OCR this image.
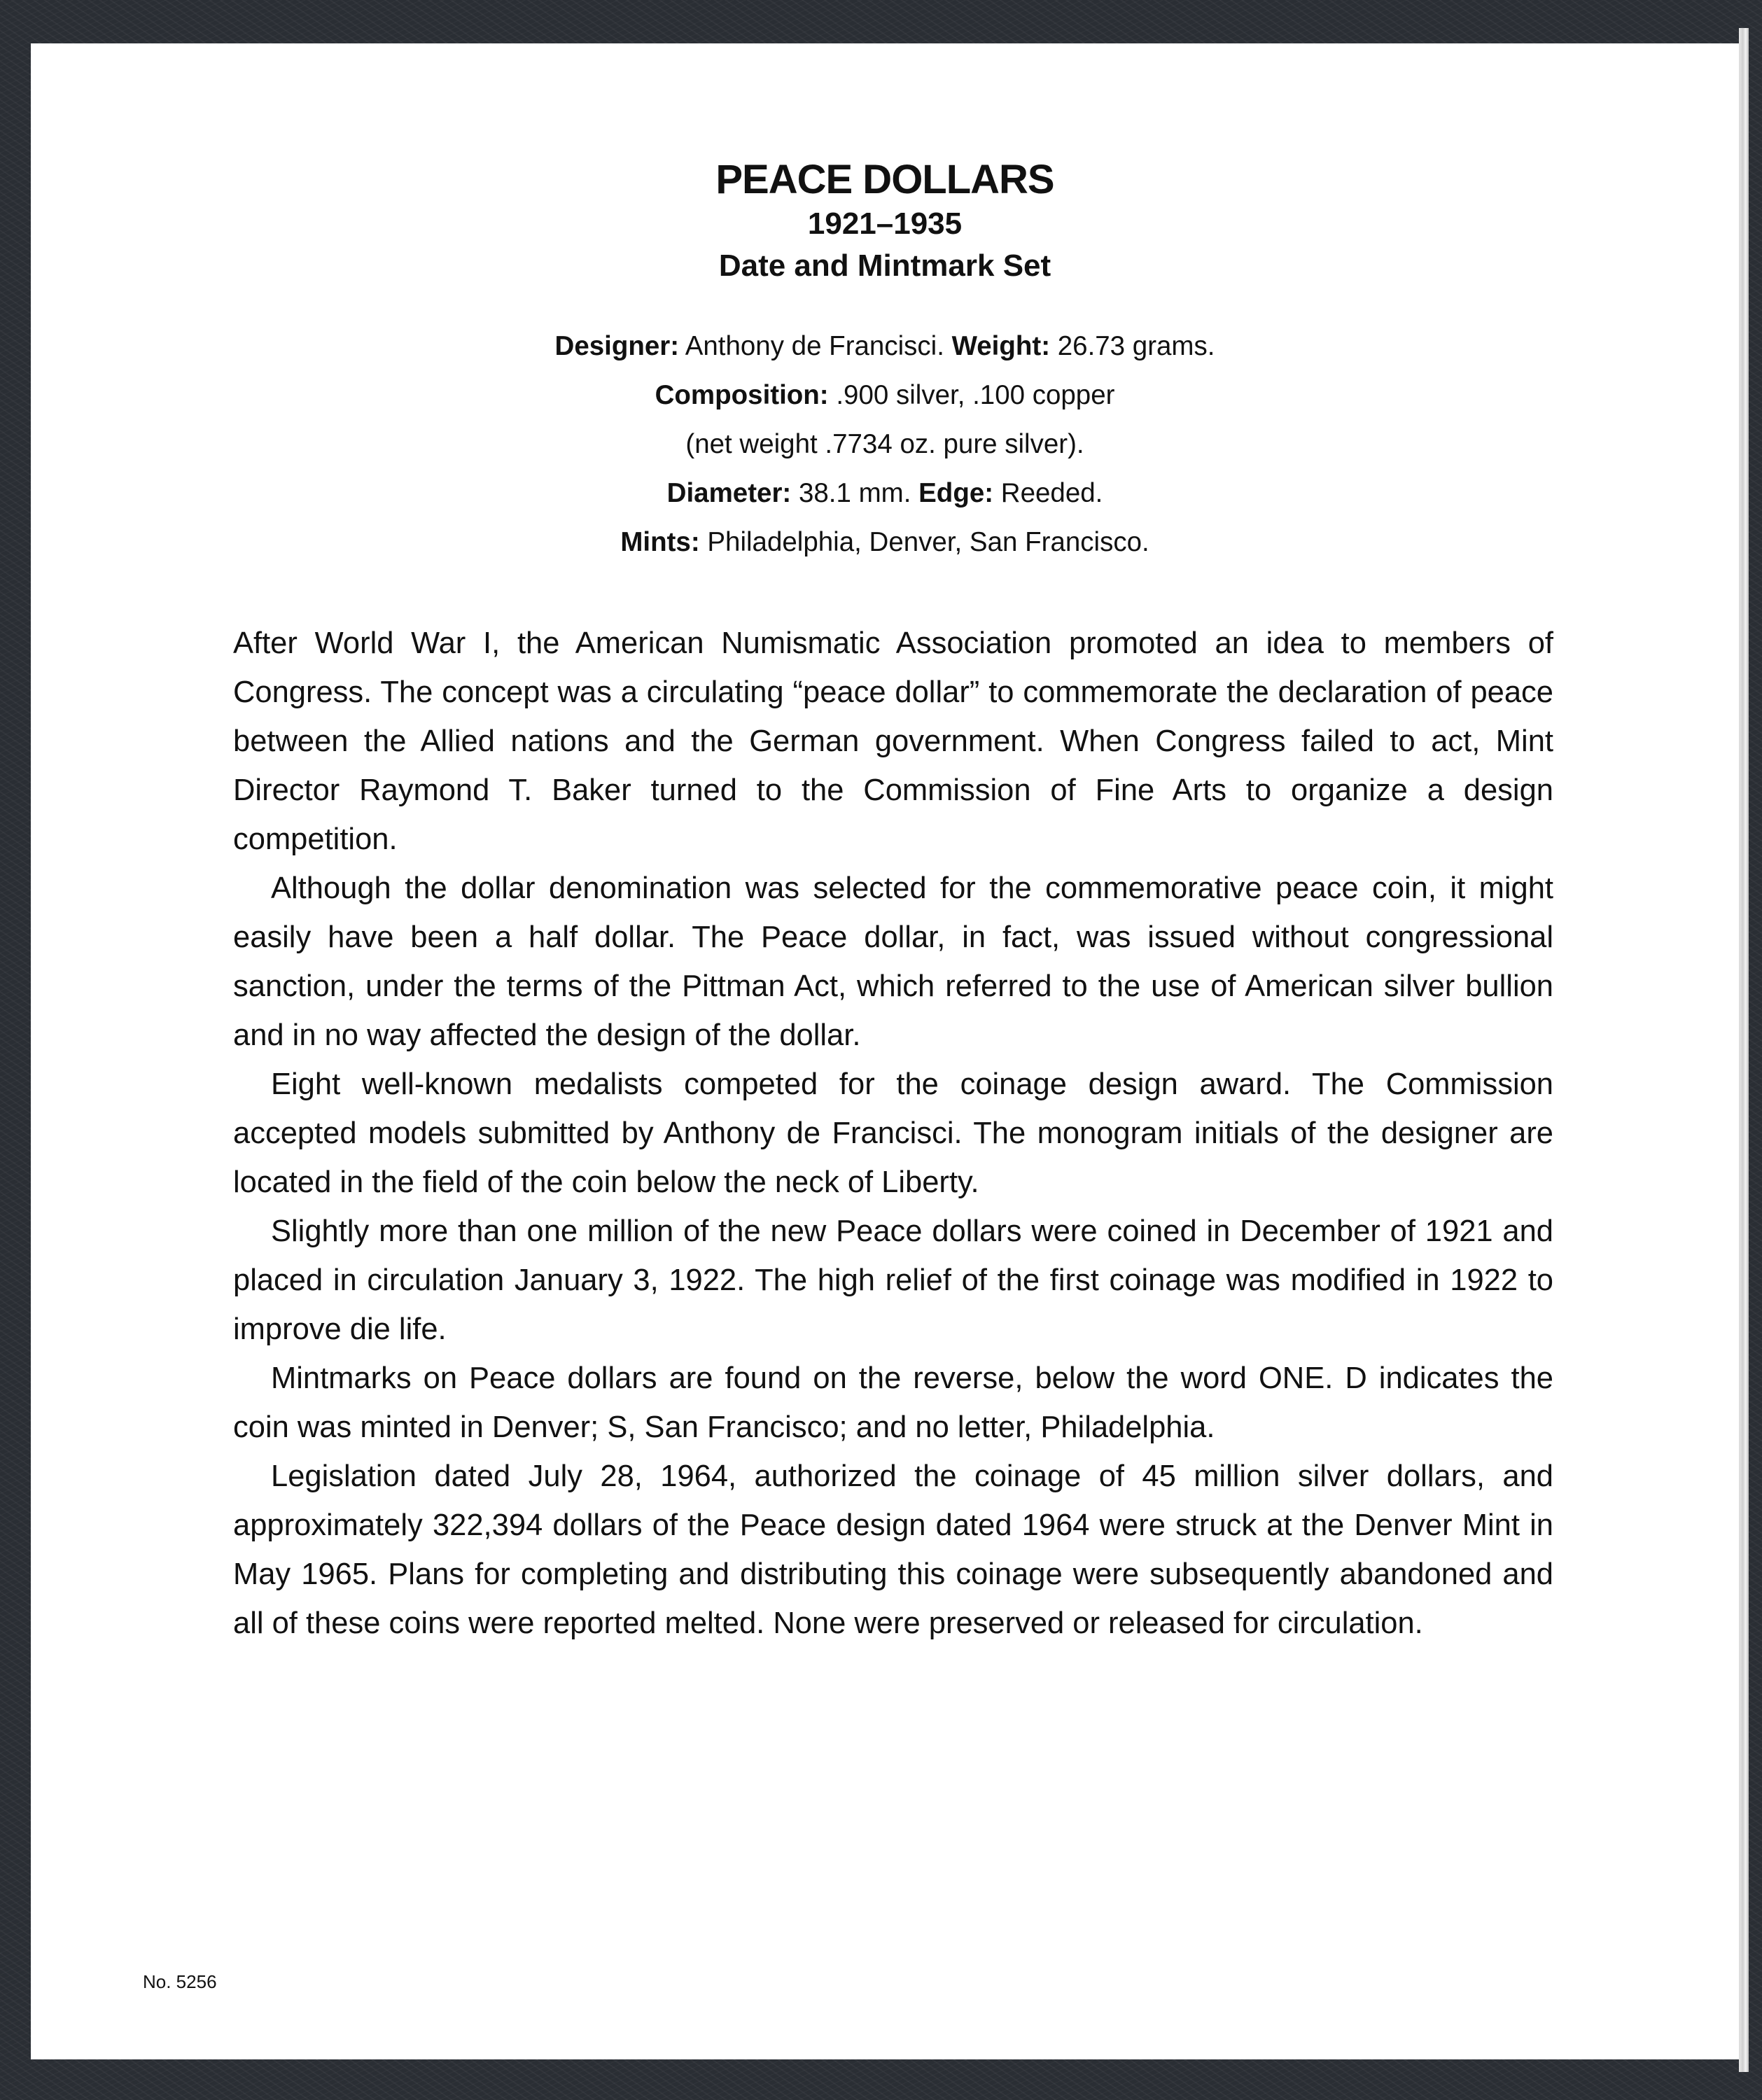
PEACE DOLLARS
1921–1935
Date and Mintmark Set
Designer: Anthony de Francisci. Weight: 26.73 grams.
Composition: .900 silver, .100 copper
(net weight .7734 oz. pure silver).
Diameter: 38.1 mm. Edge: Reeded.
Mints: Philadelphia, Denver, San Francisco.

After World War I, the American Numismatic Association promoted an idea to members of Congress. The concept was a circulating “peace dollar” to commemorate the declaration of peace between the Allied nations and the German government. When Congress failed to act, Mint Director Raymond T. Baker turned to the Commission of Fine Arts to organize a design competition.

Although the dollar denomination was selected for the commemorative peace coin, it might easily have been a half dollar. The Peace dollar, in fact, was issued without congressional sanction, under the terms of the Pittman Act, which referred to the use of American silver bullion and in no way affected the design of the dollar.

Eight well-known medalists competed for the coinage design award. The Commission accepted models submitted by Anthony de Francisci. The monogram initials of the designer are located in the field of the coin below the neck of Liberty.

Slightly more than one million of the new Peace dollars were coined in December of 1921 and placed in circulation January 3, 1922. The high relief of the first coinage was modified in 1922 to improve die life.

Mintmarks on Peace dollars are found on the reverse, below the word ONE. D indicates the coin was minted in Denver; S, San Francisco; and no letter, Philadelphia.

Legislation dated July 28, 1964, authorized the coinage of 45 million silver dollars, and approximately 322,394 dollars of the Peace design dated 1964 were struck at the Denver Mint in May 1965. Plans for completing and distributing this coinage were subsequently abandoned and all of these coins were reported melted. None were preserved or released for circulation.

No. 5256
